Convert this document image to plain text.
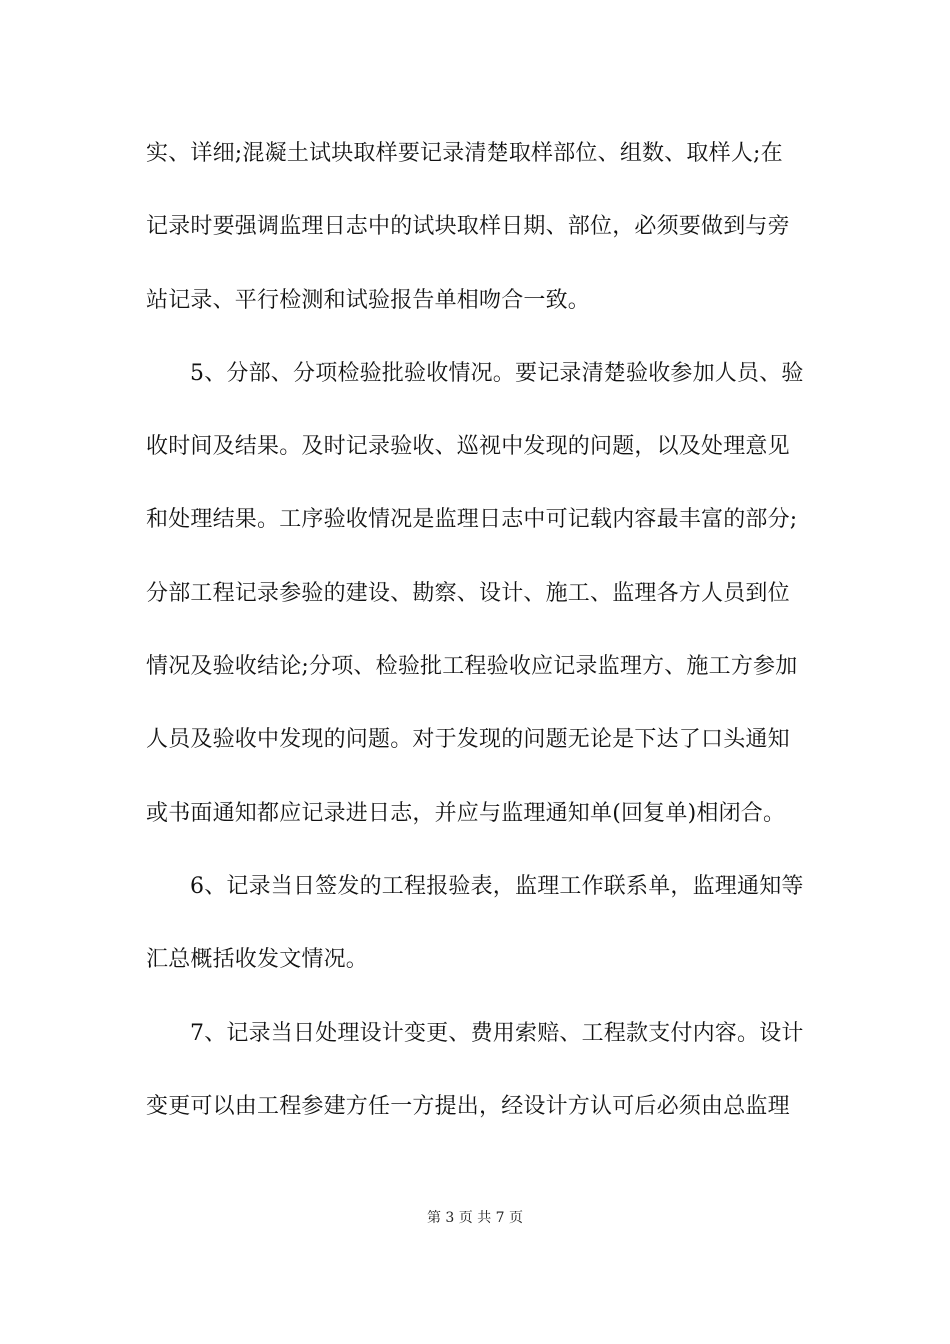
实、详细;混凝土试块取样要记录清楚取样部位、组数、取样人;在
记录时要强调监理日志中的试块取样日期、部位，必须要做到与旁
站记录、平行检测和试验报告单相吻合一致。
5、分部、分项检验批验收情况。要记录清楚验收参加人员、验
收时间及结果。及时记录验收、巡视中发现的问题，以及处理意见
和处理结果。工序验收情况是监理日志中可记载内容最丰富的部分;
分部工程记录参验的建设、勘察、设计、施工、监理各方人员到位
情况及验收结论;分项、检验批工程验收应记录监理方、施工方参加
人员及验收中发现的问题。对于发现的问题无论是下达了口头通知
或书面通知都应记录进日志，并应与监理通知单(回复单)相闭合。
6、记录当日签发的工程报验表，监理工作联系单，监理通知等
汇总概括收发文情况。
7、记录当日处理设计变更、费用索赔、工程款支付内容。设计
变更可以由工程参建方任一方提出，经设计方认可后必须由总监理
第 3 页 共 7 页
